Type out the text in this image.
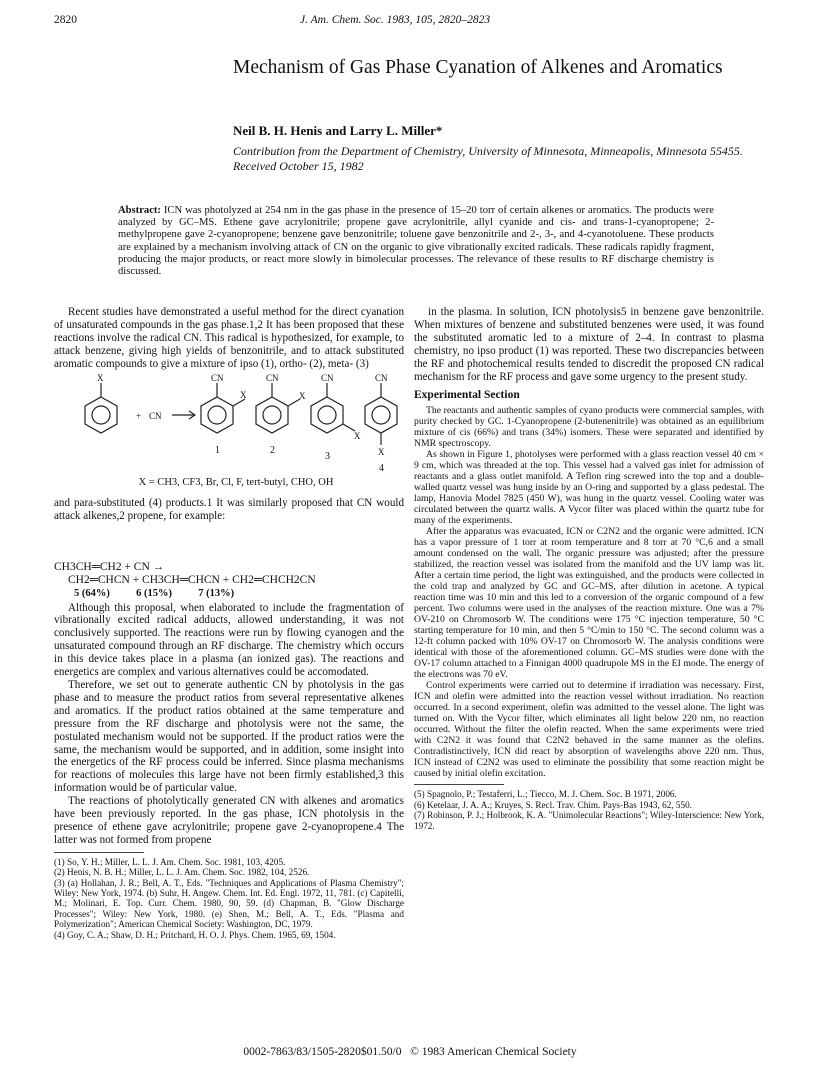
2820	J. Am. Chem. Soc. 1983, 105, 2820–2823
Mechanism of Gas Phase Cyanation of Alkenes and Aromatics
Neil B. H. Henis and Larry L. Miller*
Contribution from the Department of Chemistry, University of Minnesota, Minneapolis, Minnesota 55455. Received October 15, 1982
Abstract: ICN was photolyzed at 254 nm in the gas phase in the presence of 15–20 torr of certain alkenes or aromatics. The products were analyzed by GC–MS. Ethene gave acrylonitrile; propene gave acrylonitrile, allyl cyanide and cis- and trans-1-cyanopropene; 2-methylpropene gave 2-cyanopropene; benzene gave benzonitrile; toluene gave benzonitrile and 2-, 3-, and 4-cyanotoluene. These products are explained by a mechanism involving attack of CN on the organic to give vibrationally excited radicals. These radicals rapidly fragment, producing the major products, or react more slowly in bimolecular processes. The relevance of these results to RF discharge chemistry is discussed.

Recent studies have demonstrated a useful method for the direct cyanation of unsaturated compounds in the gas phase.1,2 It has been proposed that these reactions involve the radical CN. This radical is hypothesized, for example, to attack benzene, giving high yields of benzonitrile, and to attack substituted aromatic compounds to give a mixture of ipso (1), ortho- (2), meta- (3)

X
+ CN
CN
X
CN
X
CN
X
CN
X
1	2
3
4

X = CH3, CF3, Br, Cl, F, tert-butyl, CHO, OH

and para-substituted (4) products.1 It was similarly proposed that CN would attack alkenes,2 propene, for example:

CH3CH═CH2 + CN →
CH2═CHCN + CH3CH═CHCN + CH2═CHCH2CN
5 (64%)          6 (15%)          7 (13%)

Although this proposal, when elaborated to include the fragmentation of vibrationally excited radical adducts, allowed understanding, it was not conclusively supported. The reactions were run by flowing cyanogen and the unsaturated compound through an RF discharge. The chemistry which occurs in this device takes place in a plasma (an ionized gas). The reactions and energetics are complex and various alternatives could be accomodated.

Therefore, we set out to generate authentic CN by photolysis in the gas phase and to measure the product ratios from several representative alkenes and aromatics. If the product ratios obtained at the same temperature and pressure from the RF discharge and photolysis were not the same, the postulated mechanism would not be supported. If the product ratios were the same, the mechanism would be supported, and in addition, some insight into the energetics of the RF process could be inferred. Since plasma mechanisms for reactions of molecules this large have not been firmly established,3 this information would be of particular value.

The reactions of photolytically generated CN with alkenes and aromatics have been previously reported. In the gas phase, ICN photolysis in the presence of ethene gave acrylonitrile; propene gave 2-cyanopropene.4 The latter was not formed from propene

(1) So, Y. H.; Miller, L. L. J. Am. Chem. Soc. 1981, 103, 4205.
(2) Henis, N. B. H.; Miller, L. L. J. Am. Chem. Soc. 1982, 104, 2526.
(3) (a) Hollahan, J. R.; Bell, A. T., Eds. "Techniques and Applications of Plasma Chemistry"; Wiley: New York, 1974. (b) Suhr, H. Angew. Chem. Int. Ed. Engl. 1972, 11, 781. (c) Capitelli, M.; Molinari, E. Top. Curr. Chem. 1980, 90, 59. (d) Chapman, B. "Glow Discharge Processes"; Wiley: New York, 1980. (e) Shen, M.; Bell, A. T., Eds. "Plasma and Polymerization"; American Chemical Society: Washington, DC, 1979.
(4) Goy, C. A.; Shaw, D. H.; Pritchard, H. O. J. Phys. Chem. 1965, 69, 1504.

in the plasma. In solution, ICN photolysis5 in benzene gave benzonitrile. When mixtures of benzene and substituted benzenes were used, it was found the substituted aromatic led to a mixture of 2–4. In contrast to plasma chemistry, no ipso product (1) was reported. These two discrepancies between the RF and photochemical results tended to discredit the proposed CN radical mechanism for the RF process and gave some urgency to the present study.

Experimental Section

The reactants and authentic samples of cyano products were commercial samples, with purity checked by GC. 1-Cyanopropene (2-butenenitrile) was obtained as an equilibrium mixture of cis (66%) and trans (34%) isomers. These were separated and identified by NMR spectroscopy.

As shown in Figure 1, photolyses were performed with a glass reaction vessel 40 cm × 9 cm, which was threaded at the top. This vessel had a valved gas inlet for admission of reactants and a glass outlet manifold. A Teflon ring screwed into the top and a double-walled quartz vessel was hung inside by an O-ring and supported by a glass pedestal. The lamp, Hanovia Model 7825 (450 W), was hung in the quartz vessel. Cooling water was circulated between the quartz walls. A Vycor filter was placed within the quartz tube for many of the experiments.

After the apparatus was evacuated, ICN or C2N2 and the organic were admitted. ICN has a vapor pressure of 1 torr at room temperature and 8 torr at 70 °C,6 and a small amount condensed on the wall. The organic pressure was adjusted; after the pressure stabilized, the reaction vessel was isolated from the manifold and the UV lamp was lit. After a certain time period, the light was extinguished, and the products were collected in the cold trap and analyzed by GC and GC–MS, after dilution in acetone. A typical reaction time was 10 min and this led to a conversion of the organic compound of a few percent. Two columns were used in the analyses of the reaction mixture. One was a 7% OV-210 on Chromosorb W. The conditions were 175 °C injection temperature, 50 °C starting temperature for 10 min, and then 5 °C/min to 150 °C. The second column was a 12-ft column packed with 10% OV-17 on Chromosorb W. The analysis conditions were identical with those of the aforementioned column. GC–MS studies were done with the OV-17 column attached to a Finnigan 4000 quadrupole MS in the EI mode. The energy of the electrons was 70 eV.

Control experiments were carried out to determine if irradiation was necessary. First, ICN and olefin were admitted into the reaction vessel without irradiation. No reaction occurred. In a second experiment, olefin was admitted to the vessel alone. The light was turned on. With the Vycor filter, which eliminates all light below 220 nm, no reaction occurred. Without the filter the olefin reacted. When the same experiments were tried with C2N2 it was found that C2N2 behaved in the same manner as the olefins. Contradistinctively, ICN did react by absorption of wavelengths above 220 nm. Thus, ICN instead of C2N2 was used to eliminate the possibility that some reaction might be caused by initial olefin excitation.

(5) Spagnolo, P.; Testaferri, L.; Tiecco, M. J. Chem. Soc. B 1971, 2006.
(6) Ketelaar, J. A. A.; Kruyes, S. Recl. Trav. Chim. Pays-Bas 1943, 62, 550.
(7) Robinson, P. J.; Holbrook, K. A. "Unimolecular Reactions"; Wiley-Interscience: New York, 1972.
0002-7863/83/1505-2820$01.50/0   © 1983 American Chemical Society
